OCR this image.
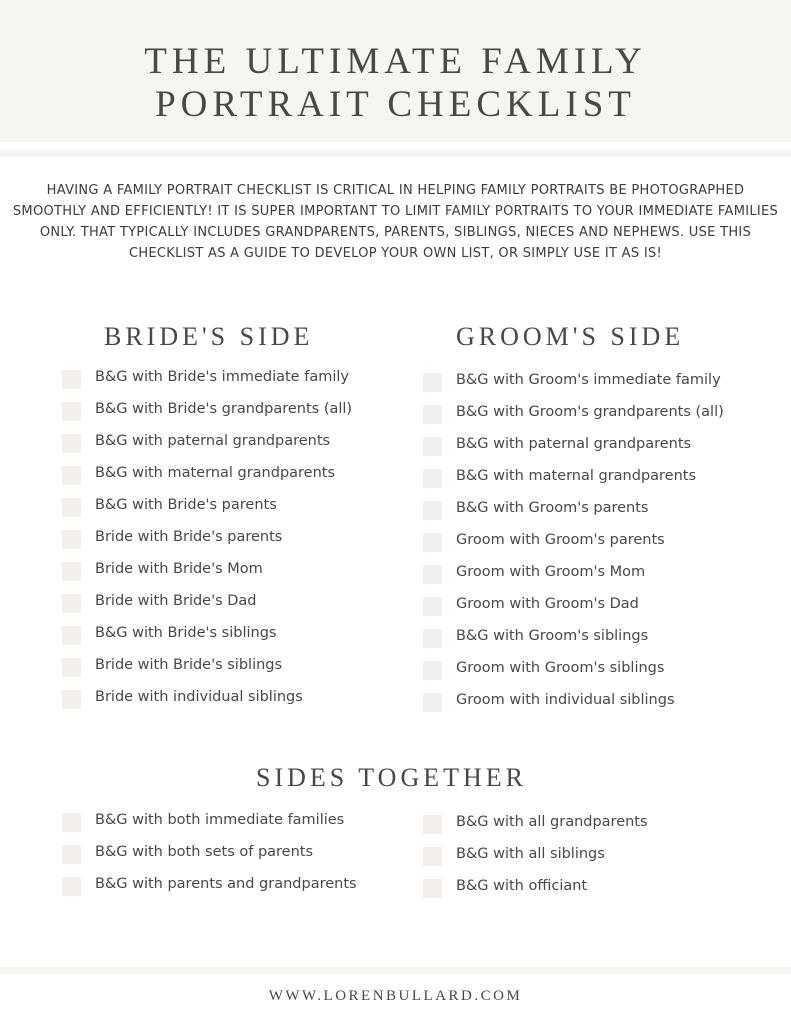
THE ULTIMATE FAMILY
PORTRAIT CHECKLIST

HAVING A FAMILY PORTRAIT CHECKLIST IS CRITICAL IN HELPING FAMILY PORTRAITS BE PHOTOGRAPHED SMOOTHLY AND EFFICIENTLY! IT IS SUPER IMPORTANT TO LIMIT FAMILY PORTRAITS TO YOUR IMMEDIATE FAMILIES ONLY. THAT TYPICALLY INCLUDES GRANDPARENTS, PARENTS, SIBLINGS, NIECES AND NEPHEWS. USE THIS CHECKLIST AS A GUIDE TO DEVELOP YOUR OWN LIST, OR SIMPLY USE IT AS IS!

BRIDE'S SIDE
B&G with Bride's immediate family
B&G with Bride's grandparents (all)
B&G with paternal grandparents
B&G with maternal grandparents
B&G with Bride's parents
Bride with Bride's parents
Bride with Bride's Mom
Bride with Bride's Dad
B&G with Bride's siblings
Bride with Bride's siblings
Bride with individual siblings
GROOM'S SIDE
B&G with Groom's immediate family
B&G with Groom's grandparents (all)
B&G with paternal grandparents
B&G with maternal grandparents
B&G with Groom's parents
Groom with Groom's parents
Groom with Groom's Mom
Groom with Groom's Dad
B&G with Groom's siblings
Groom with Groom's siblings
Groom with individual siblings
SIDES TOGETHER
B&G with both immediate families
B&G with both sets of parents
B&G with parents and grandparents
B&G with all grandparents
B&G with all siblings
B&G with officiant

WWW.LORENBULLARD.COM
